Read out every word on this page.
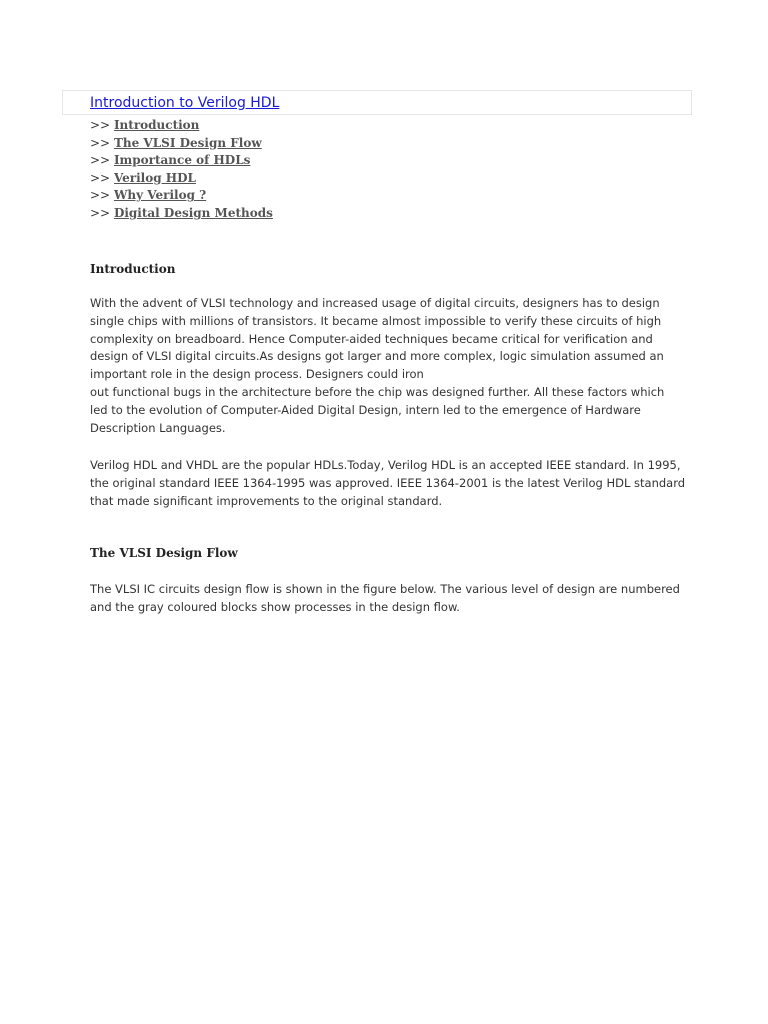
Introduction to Verilog HDL
>> Introduction
>> The VLSI Design Flow
>> Importance of HDLs
>> Verilog HDL
>> Why Verilog ?
>> Digital Design Methods
Introduction

With the advent of VLSI technology and increased usage of digital circuits, designers has to design
single chips with millions of transistors. It became almost impossible to verify these circuits of high
complexity on breadboard. Hence Computer-aided techniques became critical for verification and
design of VLSI digital circuits.As designs got larger and more complex, logic simulation assumed an
important role in the design process. Designers could iron
out functional bugs in the architecture before the chip was designed further. All these factors which
led to the evolution of Computer-Aided Digital Design, intern led to the emergence of Hardware
Description Languages.

Verilog HDL and VHDL are the popular HDLs.Today, Verilog HDL is an accepted IEEE standard. In 1995,
the original standard IEEE 1364-1995 was approved. IEEE 1364-2001 is the latest Verilog HDL standard
that made significant improvements to the original standard.

The VLSI Design Flow

The VLSI IC circuits design flow is shown in the figure below. The various level of design are numbered
and the gray coloured blocks show processes in the design flow.
